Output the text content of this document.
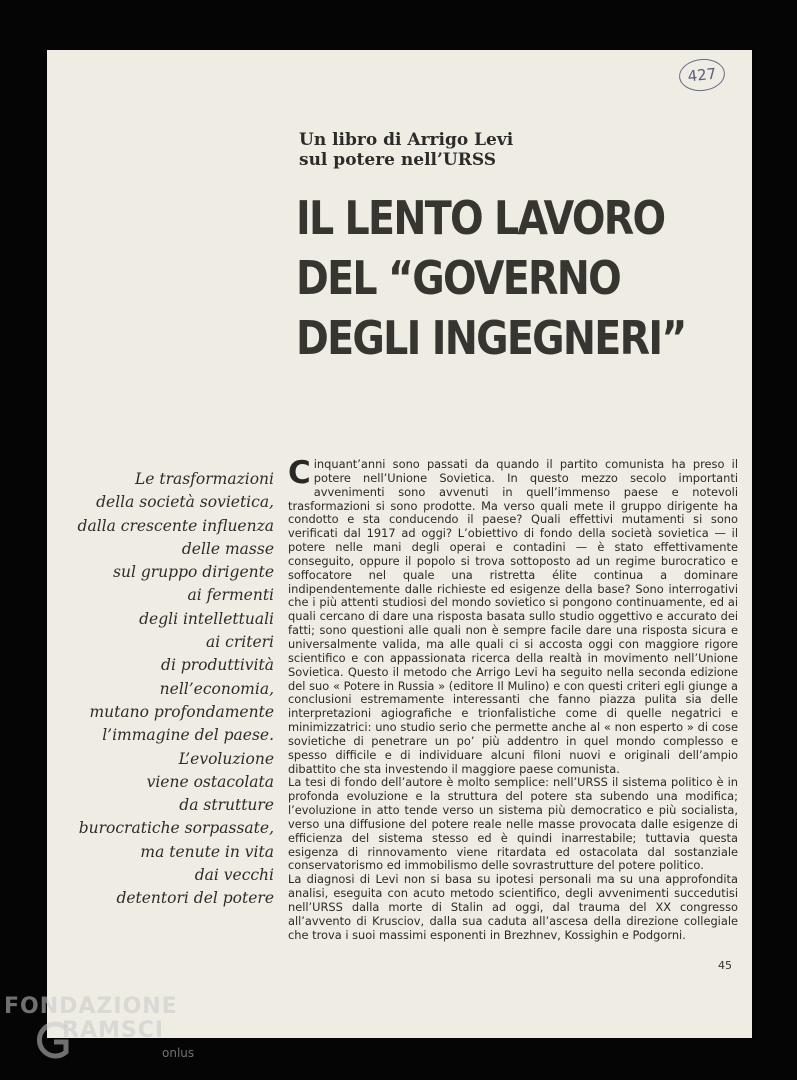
427
Un libro di Arrigo Levi
sul potere nell’URSS
IL LENTO LAVORO
DEL “GOVERNO
DEGLI INGEGNERI”
Le trasformazioni
della società sovietica,
dalla crescente influenza
delle masse
sul gruppo dirigente
ai fermenti
degli intellettuali
ai criteri
di produttività
nell’economia,
mutano profondamente
l’immagine del paese.
L’evoluzione
viene ostacolata
da strutture
burocratiche sorpassate,
ma tenute in vita
dai vecchi
detentori del potere

Cinquant’anni sono passati da quando il partito comunista ha preso il potere nell’Unione Sovietica. In questo mezzo secolo importanti avvenimenti sono avvenuti in quell’immenso paese e notevoli trasformazioni si sono prodotte. Ma verso quali mete il gruppo dirigente ha condotto e sta conducendo il paese? Quali effettivi mutamenti si sono verificati dal 1917 ad oggi? L’obiettivo di fondo della società sovietica — il potere nelle mani degli operai e contadini — è stato effettivamente conseguito, oppure il popolo si trova sottoposto ad un regime burocratico e soffocatore nel quale una ristretta élite continua a dominare indipendentemente dalle richieste ed esigenze della base? Sono interrogativi che i più attenti studiosi del mondo sovietico si pongono continuamente, ed ai quali cercano di dare una risposta basata sullo studio oggettivo e accurato dei fatti; sono questioni alle quali non è sempre facile dare una risposta sicura e universalmente valida, ma alle quali ci si accosta oggi con maggiore rigore scientifico e con appassionata ricerca della realtà in movimento nell’Unione Sovietica. Questo il metodo che Arrigo Levi ha seguito nella seconda edizione del suo « Potere in Russia » (editore Il Mulino) e con questi criteri egli giunge a conclusioni estremamente interessanti che fanno piazza pulita sia delle interpretazioni agiografiche e trionfalistiche come di quelle negatrici e minimizzatrici: uno studio serio che permette anche al « non esperto » di cose sovietiche di penetrare un po’ più addentro in quel mondo complesso e spesso difficile e di individuare alcuni filoni nuovi e originali dell’ampio dibattito che sta investendo il maggiore paese comunista.

La tesi di fondo dell’autore è molto semplice: nell’URSS il sistema politico è in profonda evoluzione e la struttura del potere sta subendo una modifica; l’evoluzione in atto tende verso un sistema più democratico e più socialista, verso una diffusione del potere reale nelle masse provocata dalle esigenze di efficienza del sistema stesso ed è quindi inarrestabile; tuttavia questa esigenza di rinnovamento viene ritardata ed ostacolata dal sostanziale conservatorismo ed immobilismo delle sovrastrutture del potere politico.

La diagnosi di Levi non si basa su ipotesi personali ma su una approfondita analisi, eseguita con acuto metodo scientifico, degli avvenimenti succedutisi nell’URSS dalla morte di Stalin ad oggi, dal trauma del XX congresso all’avvento di Krusciov, dalla sua caduta all’ascesa della direzione collegiale che trova i suoi massimi esponenti in Brezhnev, Kossighin e Podgorni.

45
FONDAZIONE
RAMSCI
onlus
